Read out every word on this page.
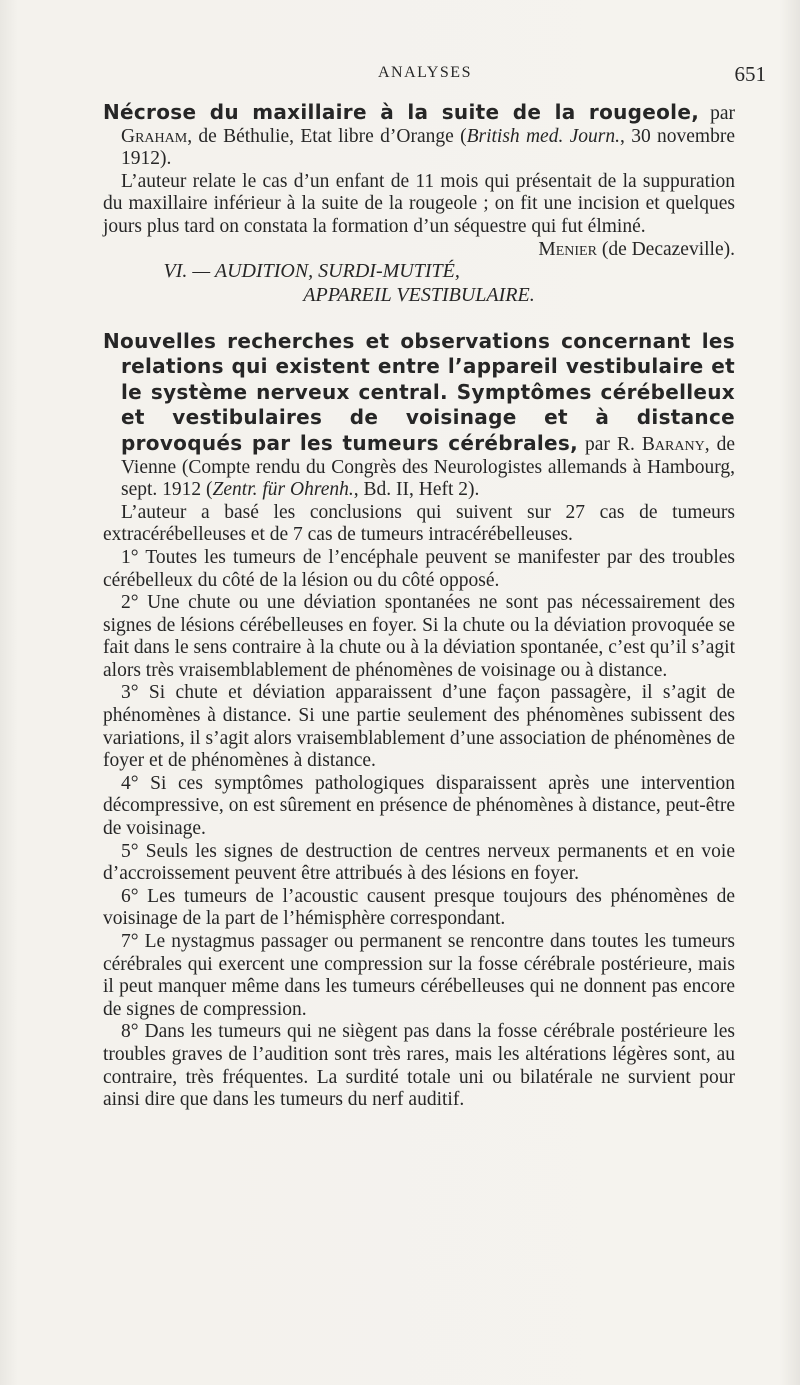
ANALYSES	651

Nécrose du maxillaire à la suite de la rougeole, par Graham, de Béthulie, Etat libre d’Orange (British med. Journ., 30 novembre 1912).

L’auteur relate le cas d’un enfant de 11 mois qui présentait de la suppuration du maxillaire inférieur à la suite de la rougeole ; on fit une incision et quelques jours plus tard on constata la formation d’un séquestre qui fut élminé.
Menier (de Decazeville).

VI. — AUDITION, SURDI-MUTITÉ,
APPAREIL VESTIBULAIRE.

Nouvelles recherches et observations concernant les relations qui existent entre l’appareil vestibulaire et le système nerveux central. Symptômes cérébelleux et vestibulaires de voisinage et à distance provoqués par les tumeurs cérébrales, par R. Barany, de Vienne (Compte rendu du Congrès des Neurologistes allemands à Hambourg, sept. 1912 (Zentr. für Ohrenh., Bd. II, Heft 2).

L’auteur a basé les conclusions qui suivent sur 27 cas de tumeurs extracérébelleuses et de 7 cas de tumeurs intracérébelleuses.

1° Toutes les tumeurs de l’encéphale peuvent se manifester par des troubles cérébelleux du côté de la lésion ou du côté opposé.

2° Une chute ou une déviation spontanées ne sont pas nécessairement des signes de lésions cérébelleuses en foyer. Si la chute ou la déviation provoquée se fait dans le sens contraire à la chute ou à la déviation spontanée, c’est qu’il s’agit alors très vraisemblablement de phénomènes de voisinage ou à distance.

3° Si chute et déviation apparaissent d’une façon passagère, il s’agit de phénomènes à distance. Si une partie seulement des phénomènes subissent des variations, il s’agit alors vraisemblablement d’une association de phénomènes de foyer et de phénomènes à distance.

4° Si ces symptômes pathologiques disparaissent après une intervention décompressive, on est sûrement en présence de phénomènes à distance, peut-être de voisinage.

5° Seuls les signes de destruction de centres nerveux permanents et en voie d’accroissement peuvent être attribués à des lésions en foyer.

6° Les tumeurs de l’acoustic causent presque toujours des phénomènes de voisinage de la part de l’hémisphère correspondant.

7° Le nystagmus passager ou permanent se rencontre dans toutes les tumeurs cérébrales qui exercent une compression sur la fosse cérébrale postérieure, mais il peut manquer même dans les tumeurs cérébelleuses qui ne donnent pas encore de signes de compression.

8° Dans les tumeurs qui ne siègent pas dans la fosse cérébrale postérieure les troubles graves de l’audition sont très rares, mais les altérations légères sont, au contraire, très fréquentes. La surdité totale uni ou bilatérale ne survient pour ainsi dire que dans les tumeurs du nerf auditif.
